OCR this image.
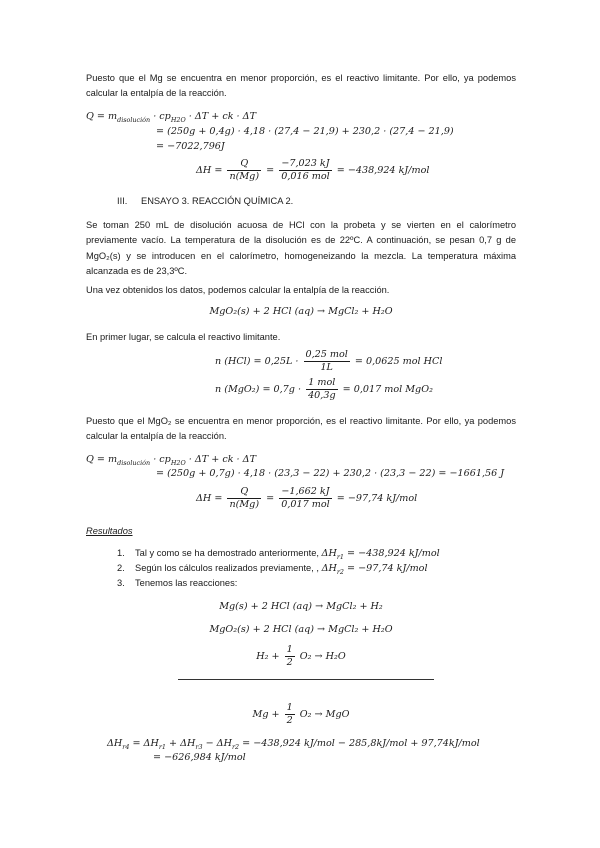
Puesto que el Mg se encuentra en menor proporción, es el reactivo limitante. Por ello, ya podemos calcular la entalpía de la reacción.
$Q = m_{disolución} \cdot cp_{H2O} \cdot \Delta T$ + ck · ΔT
= (250g + 0,4g) · 4,18 · (27,4 − 21,9) + 230,2 · (27,4 − 21,9)
= −7022,796J
$\Delta H = \frac{Q}{n(Mg)} = \frac{-7,023 kJ}{\text{0,016 mol}} = -438,924$ kJ/mol
III. ENSAYO 3. REACCIÓN QUÍMICA 2.
Se toman 250 mL de disolución acuosa de HCl con la probeta y se vierten en el calorímetro previamente vacío. La temperatura de la disolución es de 22ºC. A continuación, se pesan 0,7 g de MgO₂(s) y se introducen en el calorímetro, homogeneizando la mezcla. La temperatura máxima alcanzada es de 23,3ºC.
Una vez obtenidos los datos, podemos calcular la entalpía de la reacción.
MgO₂(s) + 2 HCl (aq) → MgCl₂ + H₂O
En primer lugar, se calcula el reactivo limitante.
n $(HCl) = 0,25L \cdot \frac{\text{0,25 mol}}{1L} = 0,0625$ mol HCl
n $(MgO_2) = 0,7g \cdot \frac{\text{1 mol}}{40,3g} = 0,017$ mol MgO₂
Puesto que el MgO₂ se encuentra en menor proporción, es el reactivo limitante. Por ello, ya podemos calcular la entalpía de la reacción.
$Q = m_{disolución} \cdot cp_{H2O} \cdot \Delta T$ + ck · ΔT
= (250g + 0,7g) · 4,18 · (23,3 − 22) + 230,2 · (23,3 − 22) = −1661,56 J
$\Delta H = \frac{Q}{n(Mg)} = \frac{-1,662 kJ}{\text{0,017 mol}} = -97,74$ kJ/mol
Resultados
1. Tal y como se ha demostrado anteriormente, $\Delta H_{r1} = -438,924$ kJ/mol
2. Según los cálculos realizados previamente, , $\Delta H_{r2} = -97,74$ kJ/mol
3. Tenemos las reacciones:
Mg(s) + 2 HCl (aq) → MgCl₂ + H₂
MgO₂(s) + 2 HCl (aq) → MgCl₂ + H₂O
$H_2 + \frac{1}{2} O_2 \to H_2O$
$Mg + \frac{1}{2} O_2$ → MgO
$\Delta H_{r4} = \Delta H_{r1} + \Delta H_{r3} - \Delta H_{r2} = -438,924$ kJ/mol − 285,8kJ/mol + 97,74kJ/mol
= −626,984 kJ/mol
